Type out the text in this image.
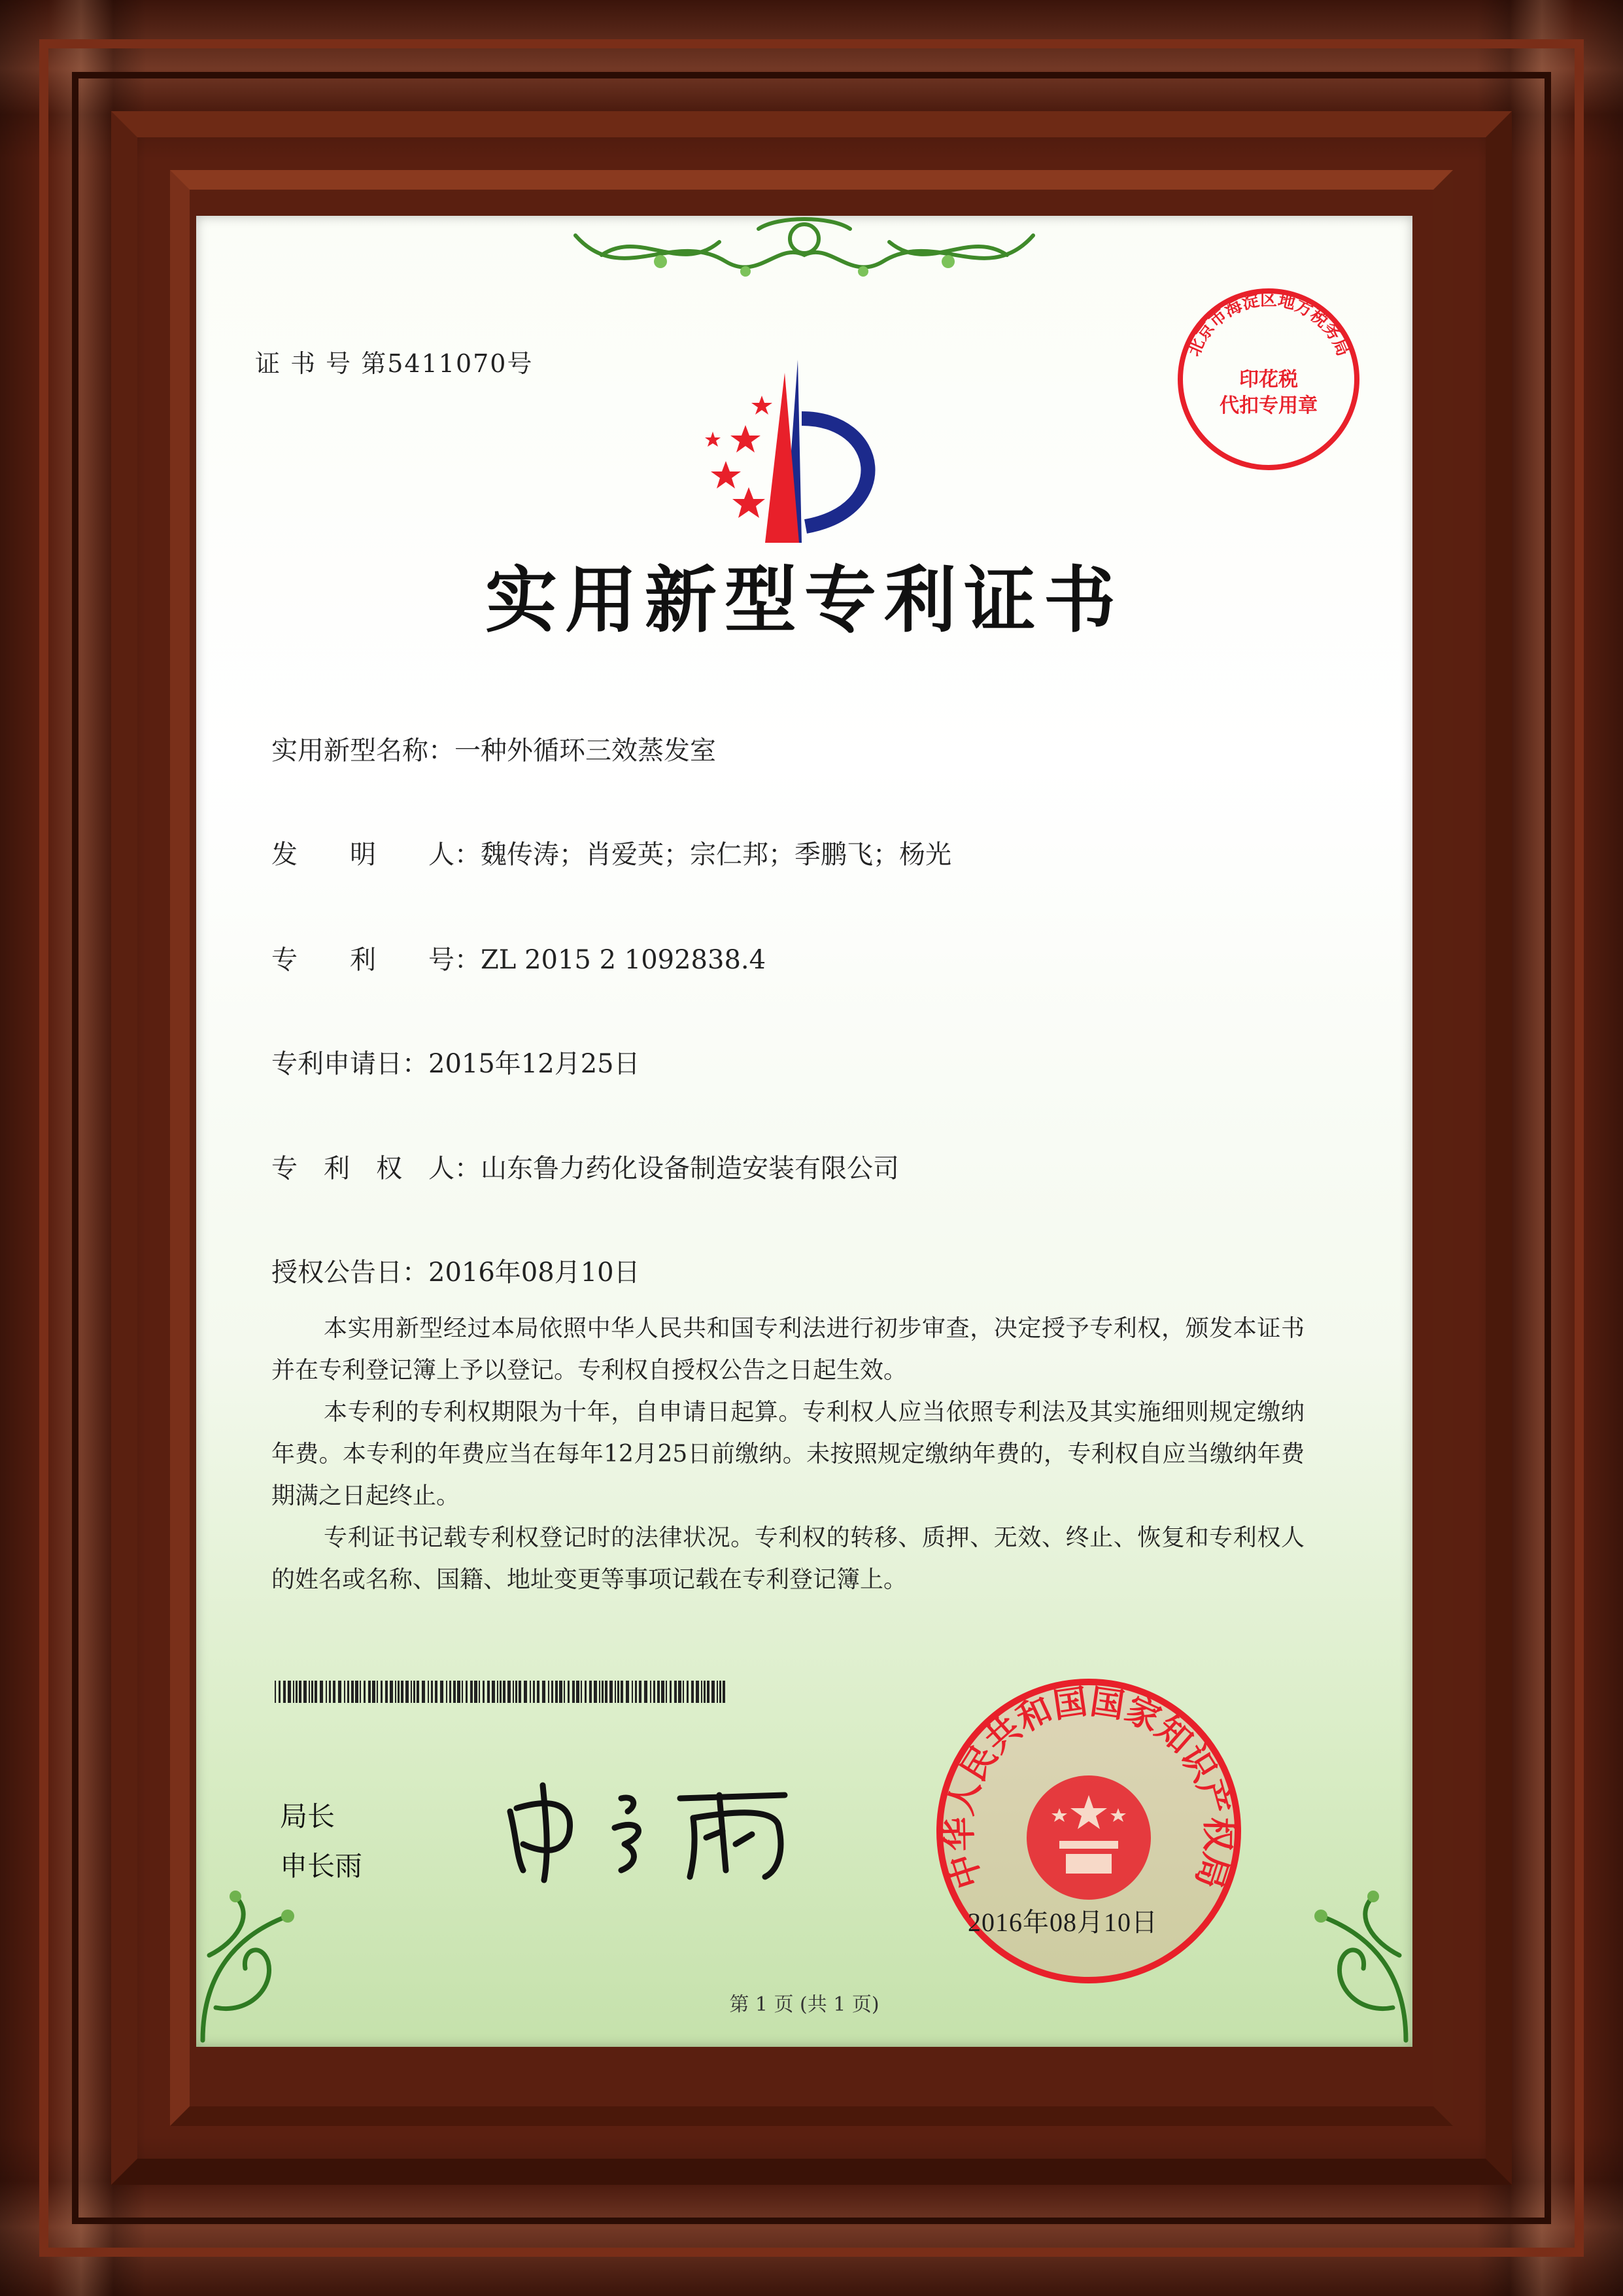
证 书 号 第5411070号
北京市海淀区地方税务局
印花税
代扣专用章
实用新型专利证书
实用新型名称：一种外循环三效蒸发室
发　　明　　人：魏传涛；肖爱英；宗仁邦；季鹏飞；杨光
专　　利　　号：ZL 2015 2 1092838.4
专利申请日：2015年12月25日
专　利　权　人：山东鲁力药化设备制造安装有限公司
授权公告日：2016年08月10日

本实用新型经过本局依照中华人民共和国专利法进行初步审查，决定授予专利权，颁发本证书并在专利登记簿上予以登记。专利权自授权公告之日起生效。

本专利的专利权期限为十年，自申请日起算。专利权人应当依照专利法及其实施细则规定缴纳年费。本专利的年费应当在每年12月25日前缴纳。未按照规定缴纳年费的，专利权自应当缴纳年费期满之日起终止。

专利证书记载专利权登记时的法律状况。专利权的转移、质押、无效、终止、恢复和专利权人的姓名或名称、国籍、地址变更等事项记载在专利登记簿上。

局长
申长雨	中华人民共和国国家知识产权局
2016年08月10日
第 1 页 (共 1 页)
